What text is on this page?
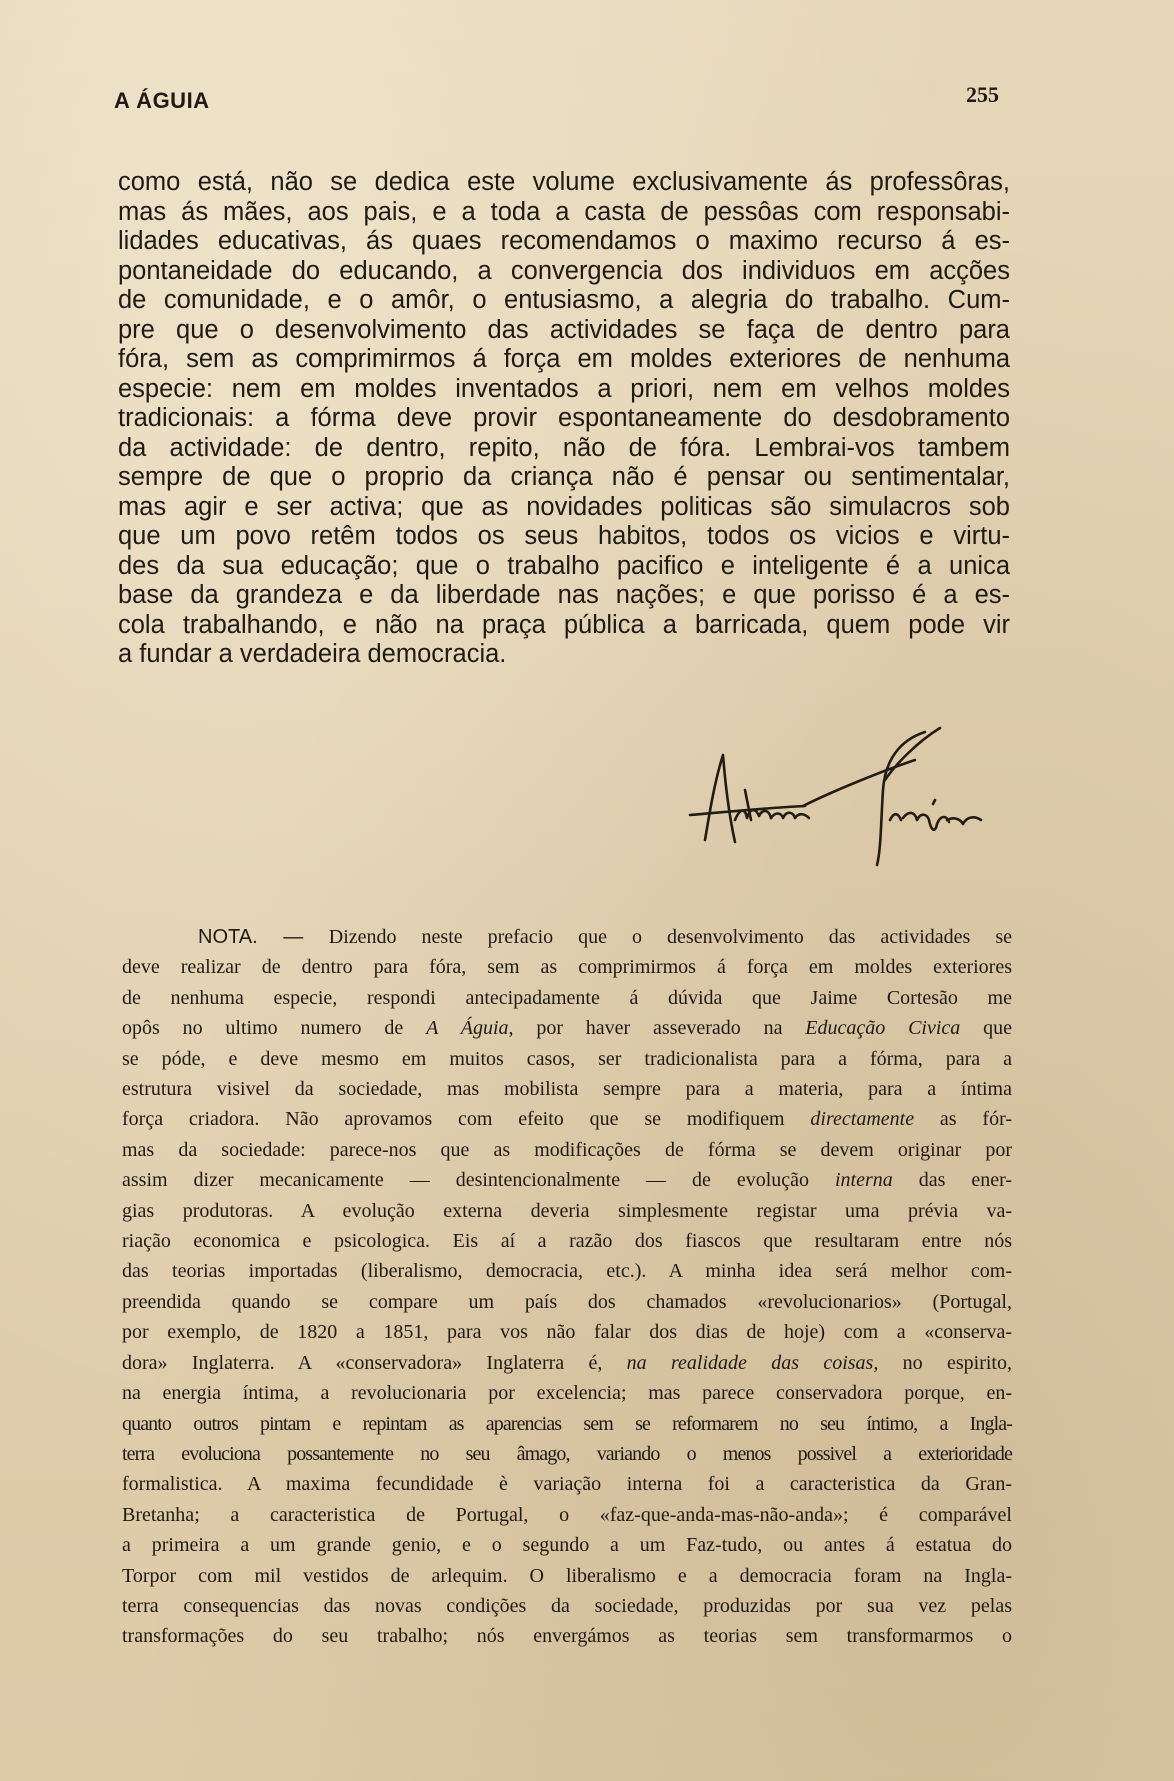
A ÁGUIA	255

como está, não se dedica este volume exclusivamente ás professôras,
mas ás mães, aos pais, e a toda a casta de pessôas com responsabi-
lidades educativas, ás quaes recomendamos o maximo recurso á es-
pontaneidade do educando, a convergencia dos individuos em acções
de comunidade, e o amôr, o entusiasmo, a alegria do trabalho. Cum-
pre que o desenvolvimento das actividades se faça de dentro para
fóra, sem as comprimirmos á força em moldes exteriores de nenhuma
especie: nem em moldes inventados a priori, nem em velhos moldes
tradicionais: a fórma deve provir espontaneamente do desdobramento
da actividade: de dentro, repito, não de fóra. Lembrai-vos tambem
sempre de que o proprio da criança não é pensar ou sentimentalar,
mas agir e ser activa; que as novidades politicas são simulacros sob
que um povo retêm todos os seus habitos, todos os vicios e virtu-
des da sua educação; que o trabalho pacifico e inteligente é a unica
base da grandeza e da liberdade nas nações; e que porisso é a es-
cola trabalhando, e não na praça pública a barricada, quem pode vir
a fundar a verdadeira democracia.

NOTA. — Dizendo neste prefacio que o desenvolvimento das actividades se
deve realizar de dentro para fóra, sem as comprimirmos á força em moldes exteriores
de nenhuma especie, respondi antecipadamente á dúvida que Jaime Cortesão me
opôs no ultimo numero de A Águia, por haver asseverado na Educação Civica que
se póde, e deve mesmo em muitos casos, ser tradicionalista para a fórma, para a
estrutura visivel da sociedade, mas mobilista sempre para a materia, para a íntima
força criadora. Não aprovamos com efeito que se modifiquem directamente as fór-
mas da sociedade: parece-nos que as modificações de fórma se devem originar por
assim dizer mecanicamente — desintencionalmente — de evolução interna das ener-
gias produtoras. A evolução externa deveria simplesmente registar uma prévia va-
riação economica e psicologica. Eis aí a razão dos fiascos que resultaram entre nós
das teorias importadas (liberalismo, democracia, etc.). A minha idea será melhor com-
preendida quando se compare um país dos chamados «revolucionarios» (Portugal,
por exemplo, de 1820 a 1851, para vos não falar dos dias de hoje) com a «conserva-
dora» Inglaterra. A «conservadora» Inglaterra é, na realidade das coisas, no espirito,
na energia íntima, a revolucionaria por excelencia; mas parece conservadora porque, en-
quanto outros pintam e repintam as aparencias sem se reformarem no seu íntimo, a Ingla-
terra evoluciona possantemente no seu âmago, variando o menos possivel a exterioridade
formalistica. A maxima fecundidade è variação interna foi a caracteristica da Gran-
Bretanha; a caracteristica de Portugal, o «faz-que-anda-mas-não-anda»; é comparável
a primeira a um grande genio, e o segundo a um Faz-tudo, ou antes á estatua do
Torpor com mil vestidos de arlequim. O liberalismo e a democracia foram na Ingla-
terra consequencias das novas condições da sociedade, produzidas por sua vez pelas
transformações do seu trabalho; nós envergámos as teorias sem transformarmos o
